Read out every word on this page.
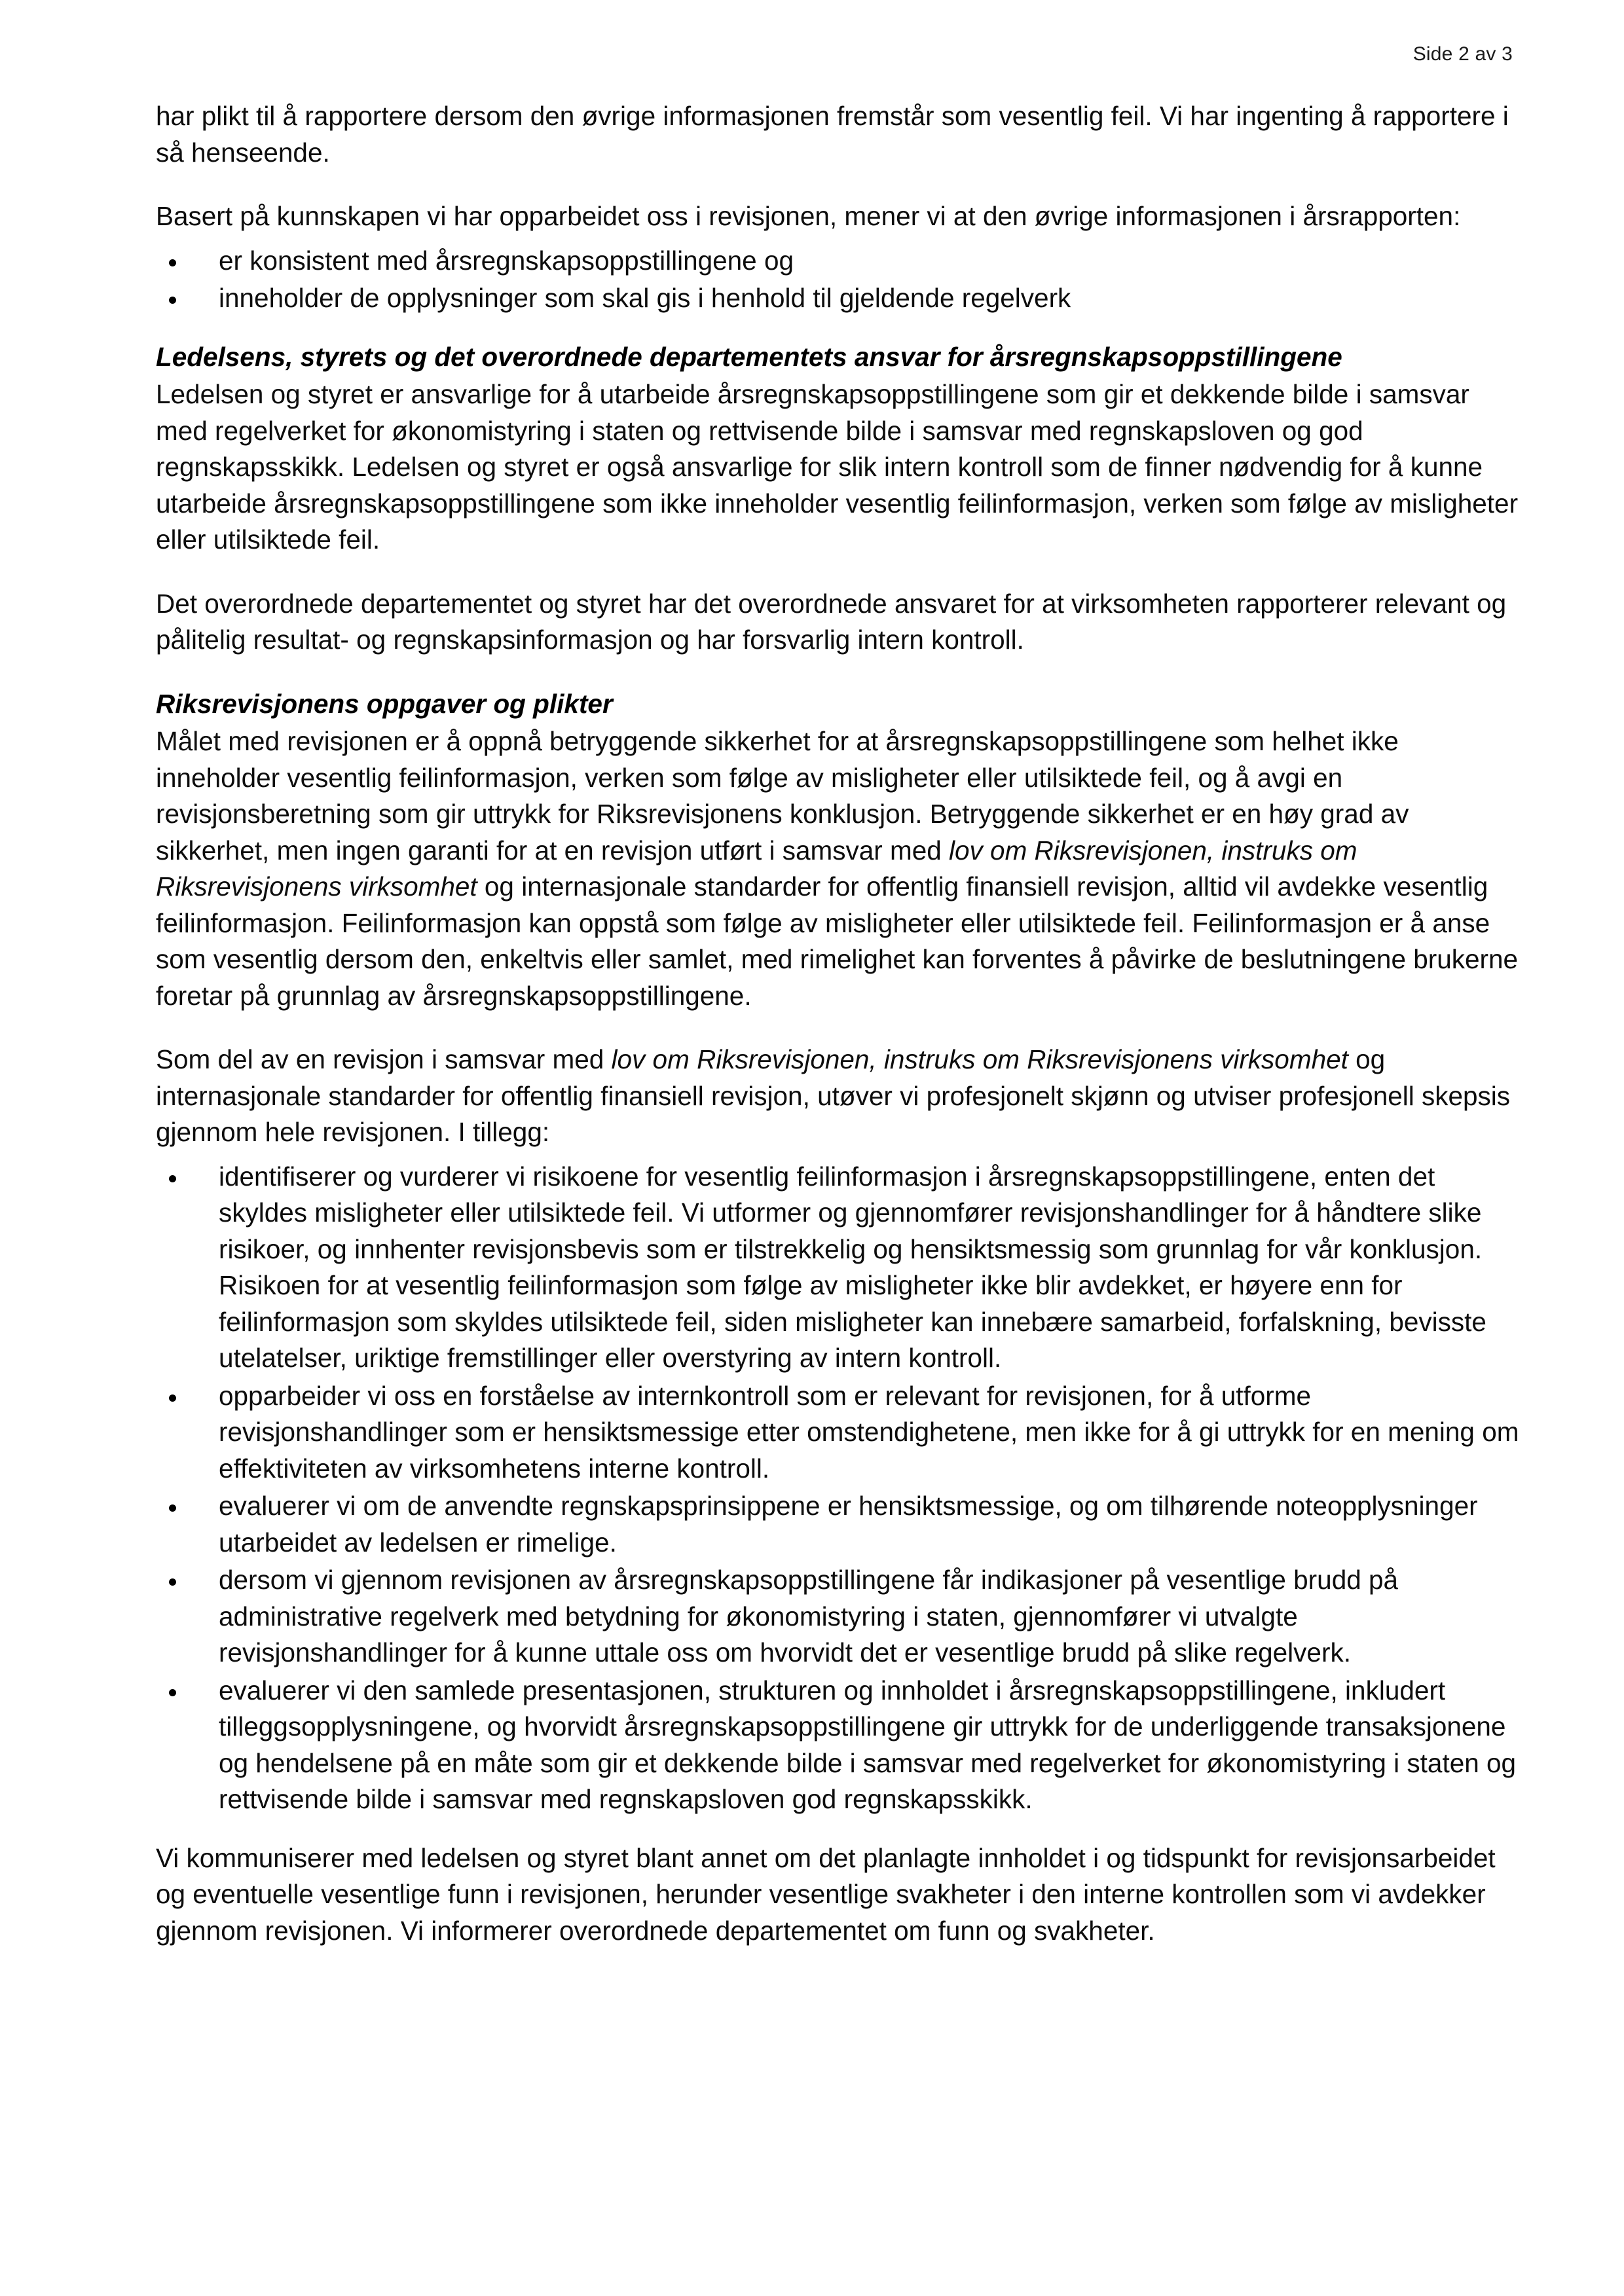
Side 2 av 3

har plikt til å rapportere dersom den øvrige informasjonen fremstår som vesentlig feil. Vi har ingenting å rapportere i så henseende.

Basert på kunnskapen vi har opparbeidet oss i revisjonen, mener vi at den øvrige informasjonen i årsrapporten:

er konsistent med årsregnskapsoppstillingene og
inneholder de opplysninger som skal gis i henhold til gjeldende regelverk
Ledelsens, styrets og det overordnede departementets ansvar for årsregnskapsoppstillingene

Ledelsen og styret er ansvarlige for å utarbeide årsregnskapsoppstillingene som gir et dekkende bilde i samsvar med regelverket for økonomistyring i staten og rettvisende bilde i samsvar med regnskapsloven og god regnskapsskikk. Ledelsen og styret er også ansvarlige for slik intern kontroll som de finner nødvendig for å kunne utarbeide årsregnskapsoppstillingene som ikke inneholder vesentlig feilinformasjon, verken som følge av misligheter eller utilsiktede feil.

Det overordnede departementet og styret har det overordnede ansvaret for at virksomheten rapporterer relevant og pålitelig resultat- og regnskapsinformasjon og har forsvarlig intern kontroll.

Riksrevisjonens oppgaver og plikter

Målet med revisjonen er å oppnå betryggende sikkerhet for at årsregnskapsoppstillingene som helhet ikke inneholder vesentlig feilinformasjon, verken som følge av misligheter eller utilsiktede feil, og å avgi en revisjonsberetning som gir uttrykk for Riksrevisjonens konklusjon. Betryggende sikkerhet er en høy grad av sikkerhet, men ingen garanti for at en revisjon utført i samsvar med lov om Riksrevisjonen, instruks om Riksrevisjonens virksomhet og internasjonale standarder for offentlig finansiell revisjon, alltid vil avdekke vesentlig feilinformasjon. Feilinformasjon kan oppstå som følge av misligheter eller utilsiktede feil. Feilinformasjon er å anse som vesentlig dersom den, enkeltvis eller samlet, med rimelighet kan forventes å påvirke de beslutningene brukerne foretar på grunnlag av årsregnskapsoppstillingene.

Som del av en revisjon i samsvar med lov om Riksrevisjonen, instruks om Riksrevisjonens virksomhet og internasjonale standarder for offentlig finansiell revisjon, utøver vi profesjonelt skjønn og utviser profesjonell skepsis gjennom hele revisjonen. I tillegg:

identifiserer og vurderer vi risikoene for vesentlig feilinformasjon i årsregnskapsoppstillingene, enten det skyldes misligheter eller utilsiktede feil. Vi utformer og gjennomfører revisjonshandlinger for å håndtere slike risikoer, og innhenter revisjonsbevis som er tilstrekkelig og hensiktsmessig som grunnlag for vår konklusjon. Risikoen for at vesentlig feilinformasjon som følge av misligheter ikke blir avdekket, er høyere enn for feilinformasjon som skyldes utilsiktede feil, siden misligheter kan innebære samarbeid, forfalskning, bevisste utelatelser, uriktige fremstillinger eller overstyring av intern kontroll.
opparbeider vi oss en forståelse av internkontroll som er relevant for revisjonen, for å utforme revisjonshandlinger som er hensiktsmessige etter omstendighetene, men ikke for å gi uttrykk for en mening om effektiviteten av virksomhetens interne kontroll.
evaluerer vi om de anvendte regnskapsprinsippene er hensiktsmessige, og om tilhørende noteopplysninger utarbeidet av ledelsen er rimelige.
dersom vi gjennom revisjonen av årsregnskapsoppstillingene får indikasjoner på vesentlige brudd på administrative regelverk med betydning for økonomistyring i staten, gjennomfører vi utvalgte revisjonshandlinger for å kunne uttale oss om hvorvidt det er vesentlige brudd på slike regelverk.
evaluerer vi den samlede presentasjonen, strukturen og innholdet i årsregnskapsoppstillingene, inkludert tilleggsopplysningene, og hvorvidt årsregnskapsoppstillingene gir uttrykk for de underliggende transaksjonene og hendelsene på en måte som gir et dekkende bilde i samsvar med regelverket for økonomistyring i staten og rettvisende bilde i samsvar med regnskapsloven god regnskapsskikk.

Vi kommuniserer med ledelsen og styret blant annet om det planlagte innholdet i og tidspunkt for revisjonsarbeidet og eventuelle vesentlige funn i revisjonen, herunder vesentlige svakheter i den interne kontrollen som vi avdekker gjennom revisjonen. Vi informerer overordnede departementet om funn og svakheter.
